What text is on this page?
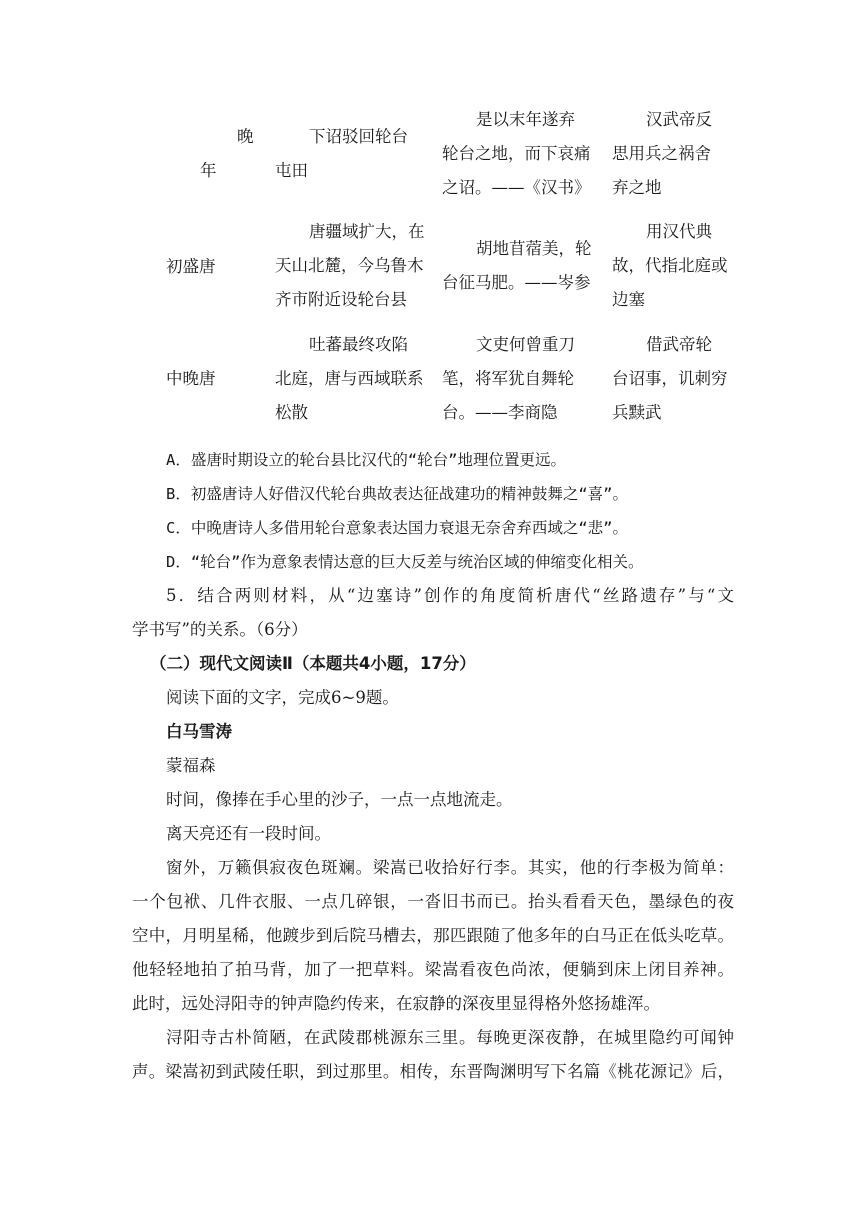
晚
年
下诏驳回轮台
屯田
是以末年遂弃
轮台之地，而下哀痛
之诏。——《汉书》
汉武帝反
思用兵之祸舍
弃之地
初盛唐
唐疆域扩大，在
天山北麓，今乌鲁木
齐市附近设轮台县
胡地苜蓿美，轮
台征马肥。——岑参
用汉代典
故，代指北庭或
边塞
中晚唐
吐蕃最终攻陷
北庭，唐与西域联系
松散
文吏何曾重刀
笔，将军犹自舞轮
台。——李商隐
借武帝轮
台诏事，讥刺穷
兵黩武
A．盛唐时期设立的轮台县比汉代的“轮台”地理位置更远。
B．初盛唐诗人好借汉代轮台典故表达征战建功的精神鼓舞之“喜”。
C．中晚唐诗人多借用轮台意象表达国力衰退无奈舍弃西域之“悲”。
D．“轮台”作为意象表情达意的巨大反差与统治区域的伸缩变化相关。
5．结合两则材料，从“边塞诗”创作的角度简析唐代“丝路遗存”与“文
学书写”的关系。（6分）
（二）现代文阅读Ⅱ（本题共4小题，17分）
阅读下面的文字，完成6~9题。
白马雪涛
蒙福森
时间，像捧在手心里的沙子，一点一点地流走。
离天亮还有一段时间。
窗外，万籁俱寂夜色斑斓。梁嵩已收拾好行李。其实，他的行李极为简单：
一个包袱、几件衣服、一点几碎银，一沓旧书而已。抬头看看天色，墨绿色的夜
空中，月明星稀，他踱步到后院马槽去，那匹跟随了他多年的白马正在低头吃草。
他轻轻地拍了拍马背，加了一把草料。梁嵩看夜色尚浓，便躺到床上闭目养神。
此时，远处浔阳寺的钟声隐约传来，在寂静的深夜里显得格外悠扬雄浑。
浔阳寺古朴简陋，在武陵郡桃源东三里。每晚更深夜静，在城里隐约可闻钟
声。梁嵩初到武陵任职，到过那里。相传，东晋陶渊明写下名篇《桃花源记》后，
